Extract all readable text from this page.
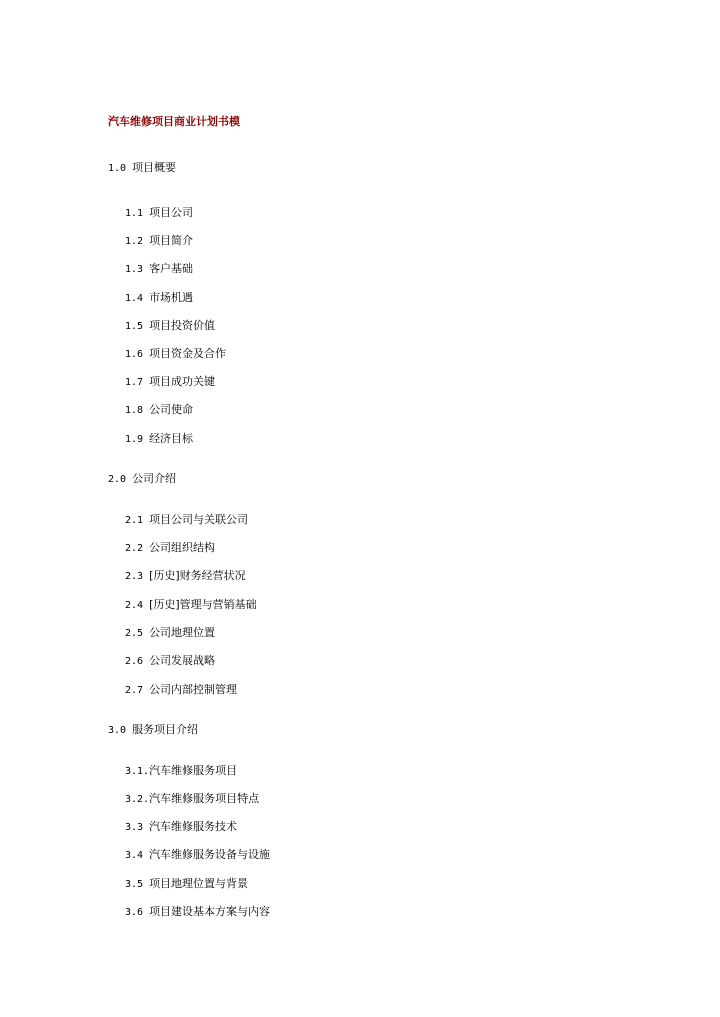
汽车维修项目商业计划书模
1.0 项目概要
1.1 项目公司
1.2 项目简介
1.3 客户基础
1.4 市场机遇
1.5 项目投资价值
1.6 项目资金及合作
1.7 项目成功关键
1.8 公司使命
1.9 经济目标
2.0 公司介绍
2.1 项目公司与关联公司
2.2 公司组织结构
2.3 [历史]财务经营状况
2.4 [历史]管理与营销基础
2.5 公司地理位置
2.6 公司发展战略
2.7 公司内部控制管理
3.0 服务项目介绍
3.1.汽车维修服务项目
3.2.汽车维修服务项目特点
3.3 汽车维修服务技术
3.4 汽车维修服务设备与设施
3.5 项目地理位置与背景
3.6 项目建设基本方案与内容
